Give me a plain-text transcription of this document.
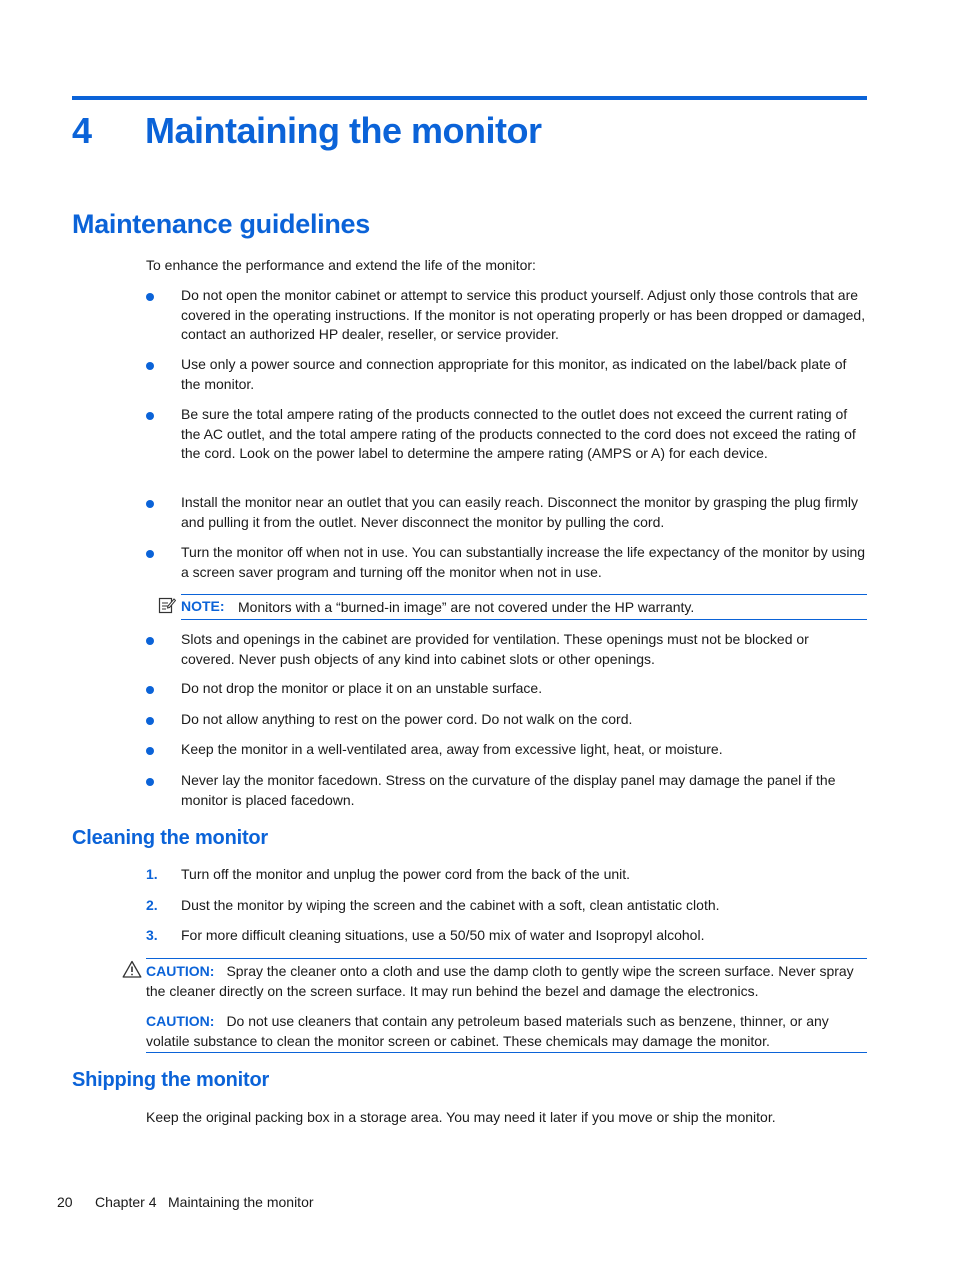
4	Maintaining the monitor
Maintenance guidelines
To enhance the performance and extend the life of the monitor:
Do not open the monitor cabinet or attempt to service this product yourself. Adjust only those controls that are covered in the operating instructions. If the monitor is not operating properly or has been dropped or damaged, contact an authorized HP dealer, reseller, or service provider.
Use only a power source and connection appropriate for this monitor, as indicated on the label/back plate of the monitor.
Be sure the total ampere rating of the products connected to the outlet does not exceed the current rating of the AC outlet, and the total ampere rating of the products connected to the cord does not exceed the rating of the cord. Look on the power label to determine the ampere rating (AMPS or A) for each device.
Install the monitor near an outlet that you can easily reach. Disconnect the monitor by grasping the plug firmly and pulling it from the outlet. Never disconnect the monitor by pulling the cord.
Turn the monitor off when not in use. You can substantially increase the life expectancy of the monitor by using a screen saver program and turning off the monitor when not in use.
NOTE: Monitors with a “burned-in image” are not covered under the HP warranty.
Slots and openings in the cabinet are provided for ventilation. These openings must not be blocked or covered. Never push objects of any kind into cabinet slots or other openings.
Do not drop the monitor or place it on an unstable surface.
Do not allow anything to rest on the power cord. Do not walk on the cord.
Keep the monitor in a well-ventilated area, away from excessive light, heat, or moisture.
Never lay the monitor facedown. Stress on the curvature of the display panel may damage the panel if the monitor is placed facedown.
Cleaning the monitor
1. Turn off the monitor and unplug the power cord from the back of the unit.
2. Dust the monitor by wiping the screen and the cabinet with a soft, clean antistatic cloth.
3. For more difficult cleaning situations, use a 50/50 mix of water and Isopropyl alcohol.
CAUTION: Spray the cleaner onto a cloth and use the damp cloth to gently wipe the screen surface. Never spray the cleaner directly on the screen surface. It may run behind the bezel and damage the electronics.
CAUTION: Do not use cleaners that contain any petroleum based materials such as benzene, thinner, or any volatile substance to clean the monitor screen or cabinet. These chemicals may damage the monitor.
Shipping the monitor
Keep the original packing box in a storage area. You may need it later if you move or ship the monitor.
20 Chapter 4 Maintaining the monitor
